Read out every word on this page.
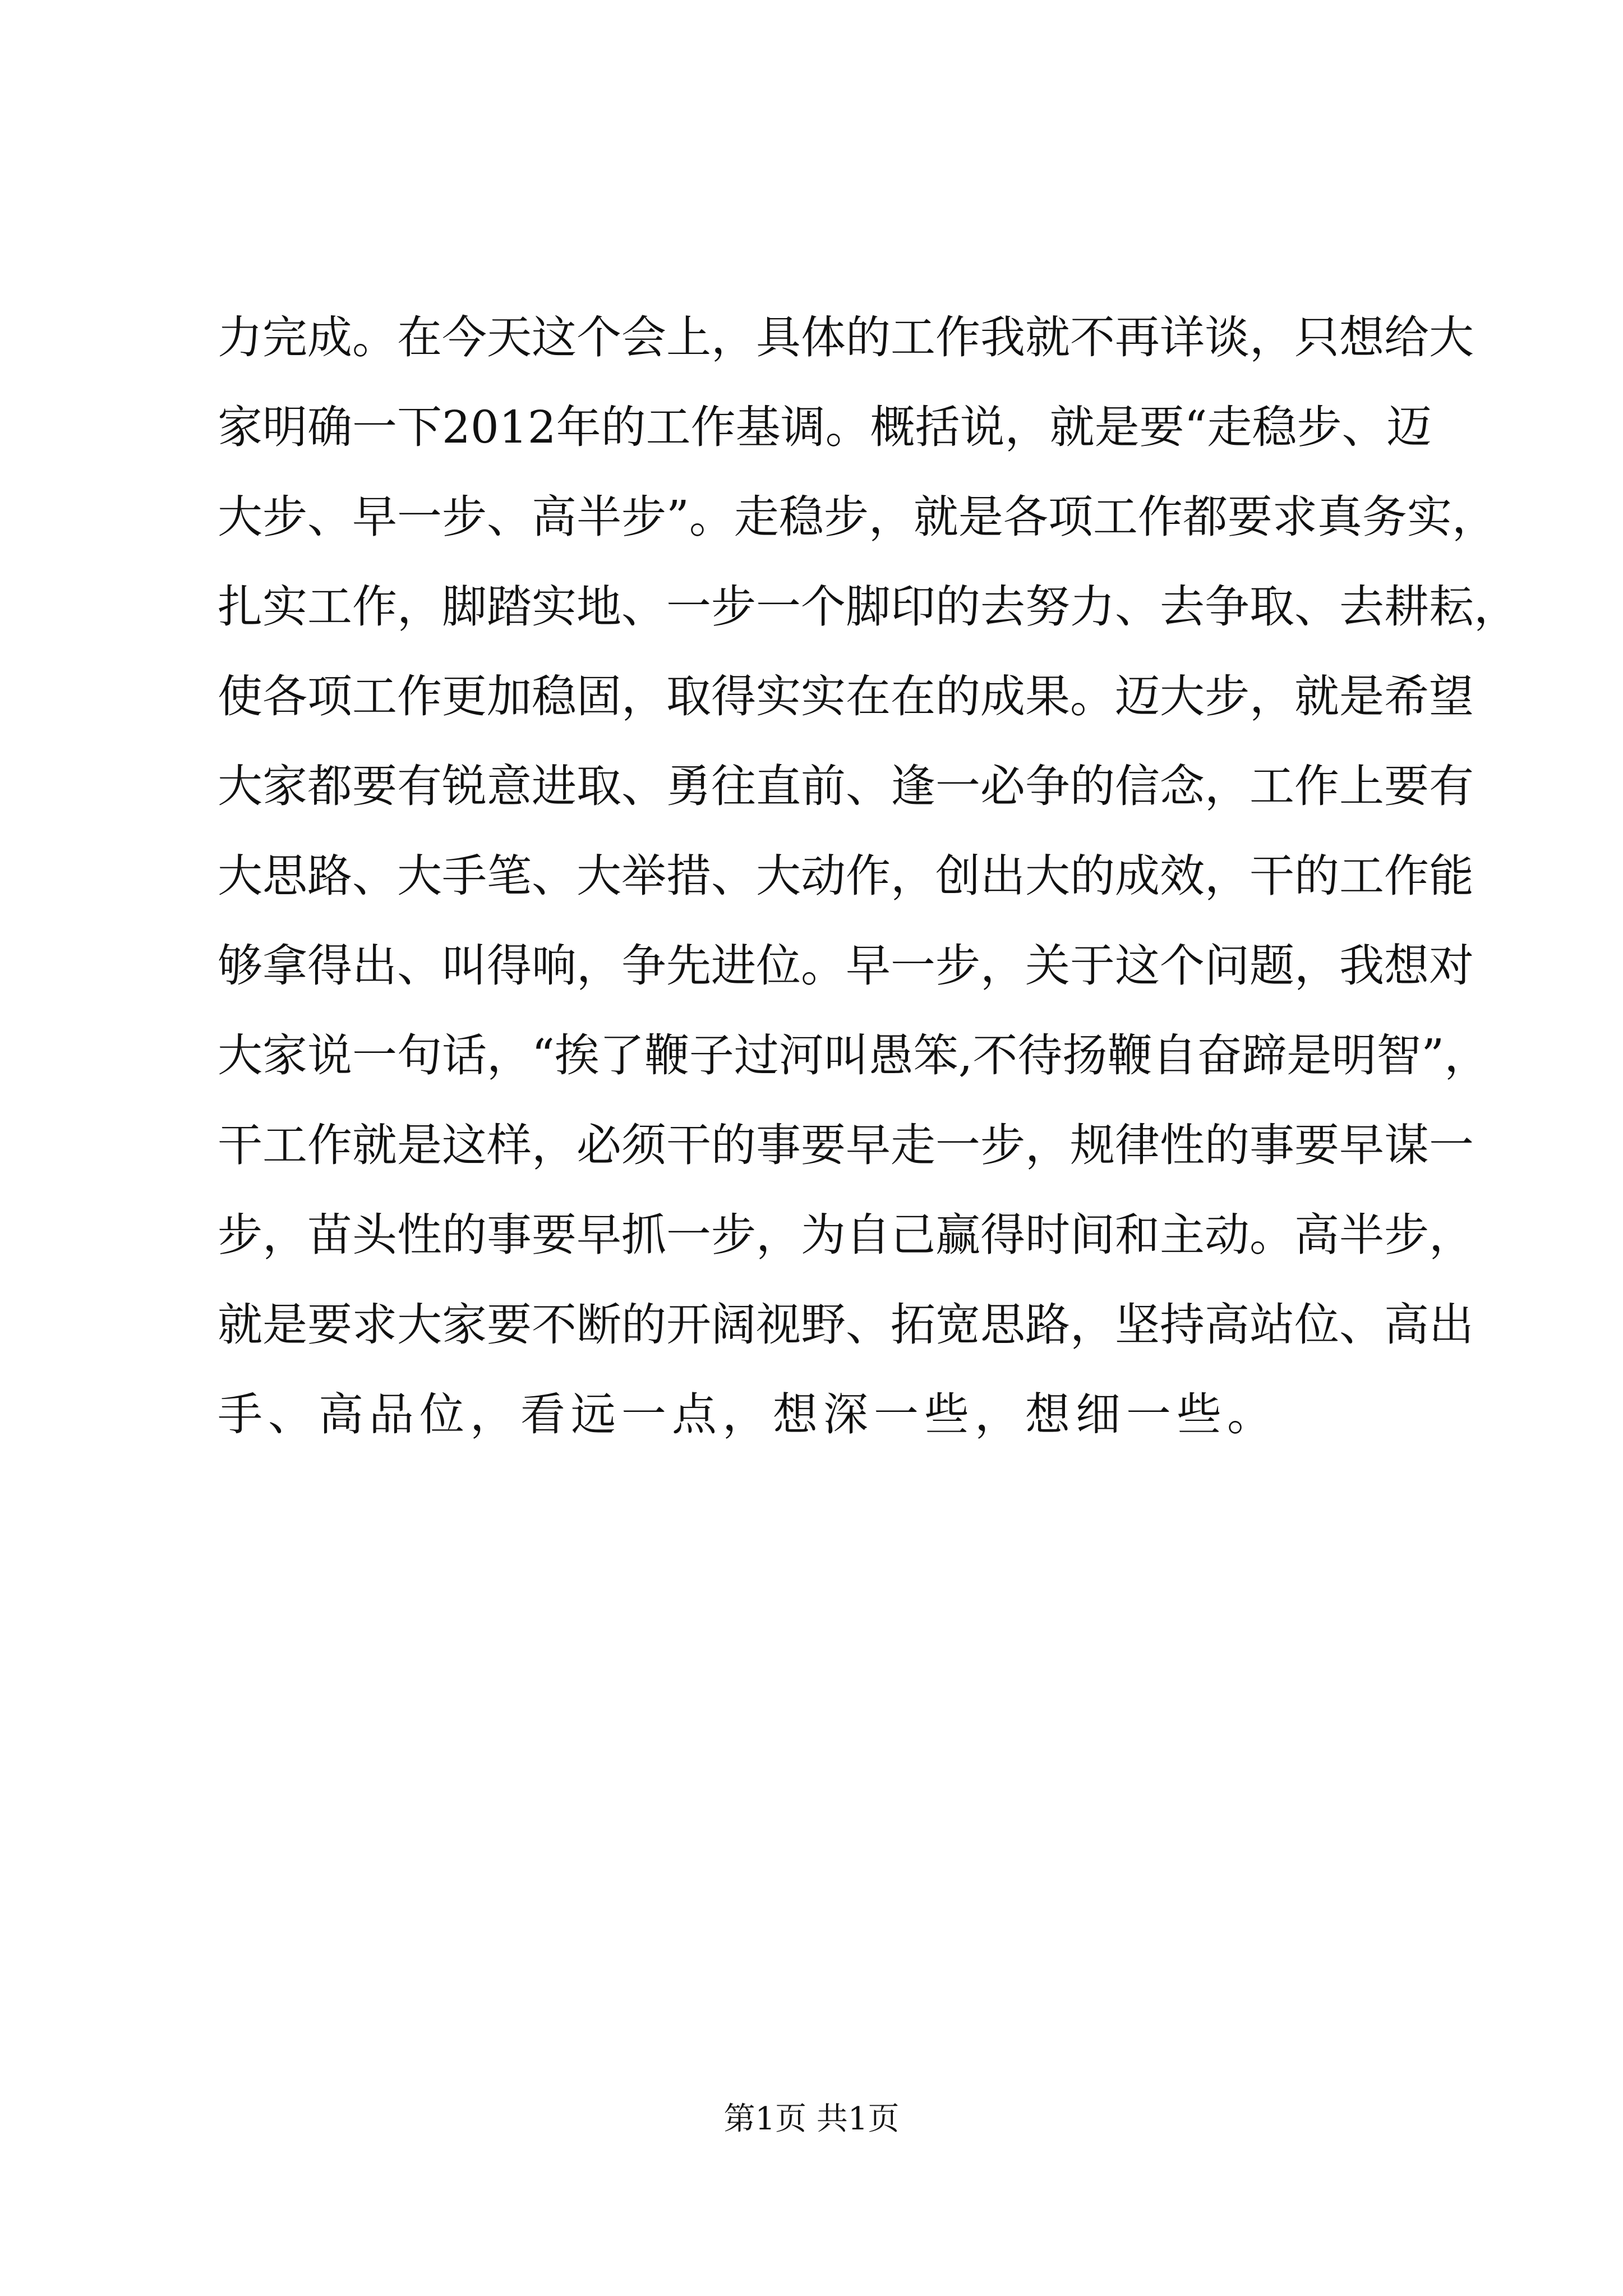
力完成。在今天这个会上，具体的工作我就不再详谈，只想给大
家明确一下2012年的工作基调。概括说，就是要“走稳步、迈
大步、早一步、高半步”。走稳步，就是各项工作都要求真务实，
扎实工作，脚踏实地、一步一个脚印的去努力、去争取、去耕耘，
使各项工作更加稳固，取得实实在在的成果。迈大步，就是希望
大家都要有锐意进取、勇往直前、逢一必争的信念，工作上要有
大思路、大手笔、大举措、大动作，创出大的成效，干的工作能
够拿得出、叫得响，争先进位。早一步，关于这个问题，我想对
大家说一句话，“挨了鞭子过河叫愚笨,不待扬鞭自奋蹄是明智”，
干工作就是这样，必须干的事要早走一步，规律性的事要早谋一
步，苗头性的事要早抓一步，为自己赢得时间和主动。高半步，
就是要求大家要不断的开阔视野、拓宽思路，坚持高站位、高出
手、高品位，看远一点，想深一些，想细一些。
第1页 共1页
